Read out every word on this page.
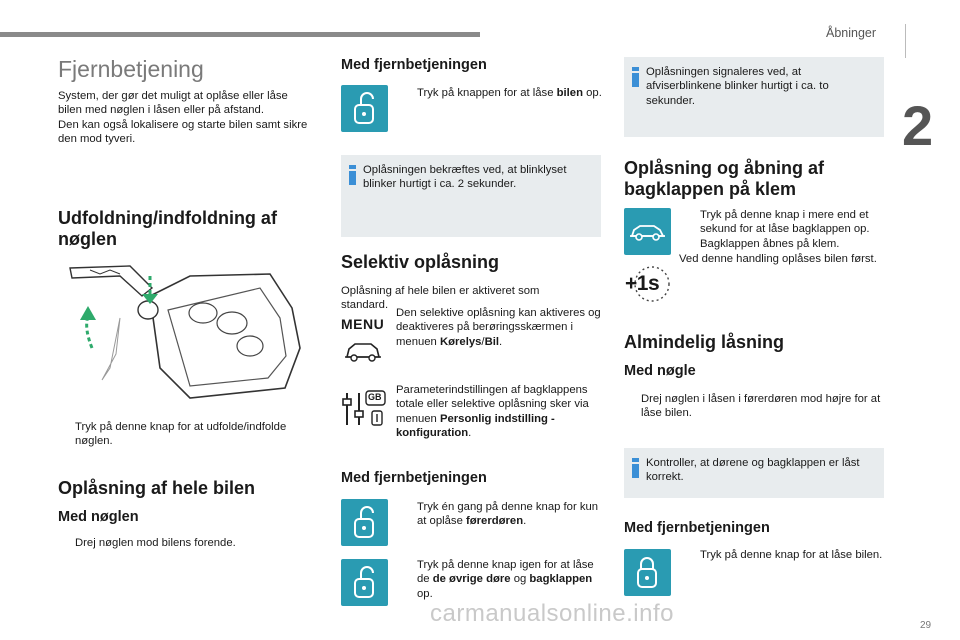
Åbninger
2
29
carmanualsonline.info
Fjernbetjening

System, der gør det muligt at oplåse eller låse bilen med nøglen i låsen eller på afstand.
Den kan også lokalisere og starte bilen samt sikre den mod tyveri.

Udfoldning/indfoldning af nøglen
Tryk på denne knap for at udfolde/indfolde nøglen.
Oplåsning af hele bilen
Med nøglen
Drej nøglen mod bilens forende.
Med fjernbetjeningen
Tryk på knappen for at låse bilen op.
Oplåsningen bekræftes ved, at blinklyset blinker hurtigt i ca. 2 sekunder.
Selektiv oplåsning

Oplåsning af hele bilen er aktiveret som standard.

MENU

Den selektive oplåsning kan aktiveres og deaktiveres på berøringsskærmen i menuen Kørelys/Bil.

GB

Parameterindstillingen af bagklappens totale eller selektive oplåsning sker via menuen Personlig indstilling - konfiguration.

Med fjernbetjeningen
Tryk én gang på denne knap for kun at oplåse førerdøren.
Tryk på denne knap igen for at låse de de øvrige døre og bagklappen op.
Oplåsningen signaleres ved, at afviserblinkene blinker hurtigt i ca. to sekunder.
Oplåsning og åbning af bagklappen på klem
Tryk på denne knap i mere end et sekund for at låse bagklappen op. Bagklappen åbnes på klem.

Ved denne handling oplåses bilen først.

+1s
Almindelig låsning
Med nøgle
Drej nøglen i låsen i førerdøren mod højre for at låse bilen.
Kontroller, at dørene og bagklappen er låst korrekt.
Med fjernbetjeningen
Tryk på denne knap for at låse bilen.
